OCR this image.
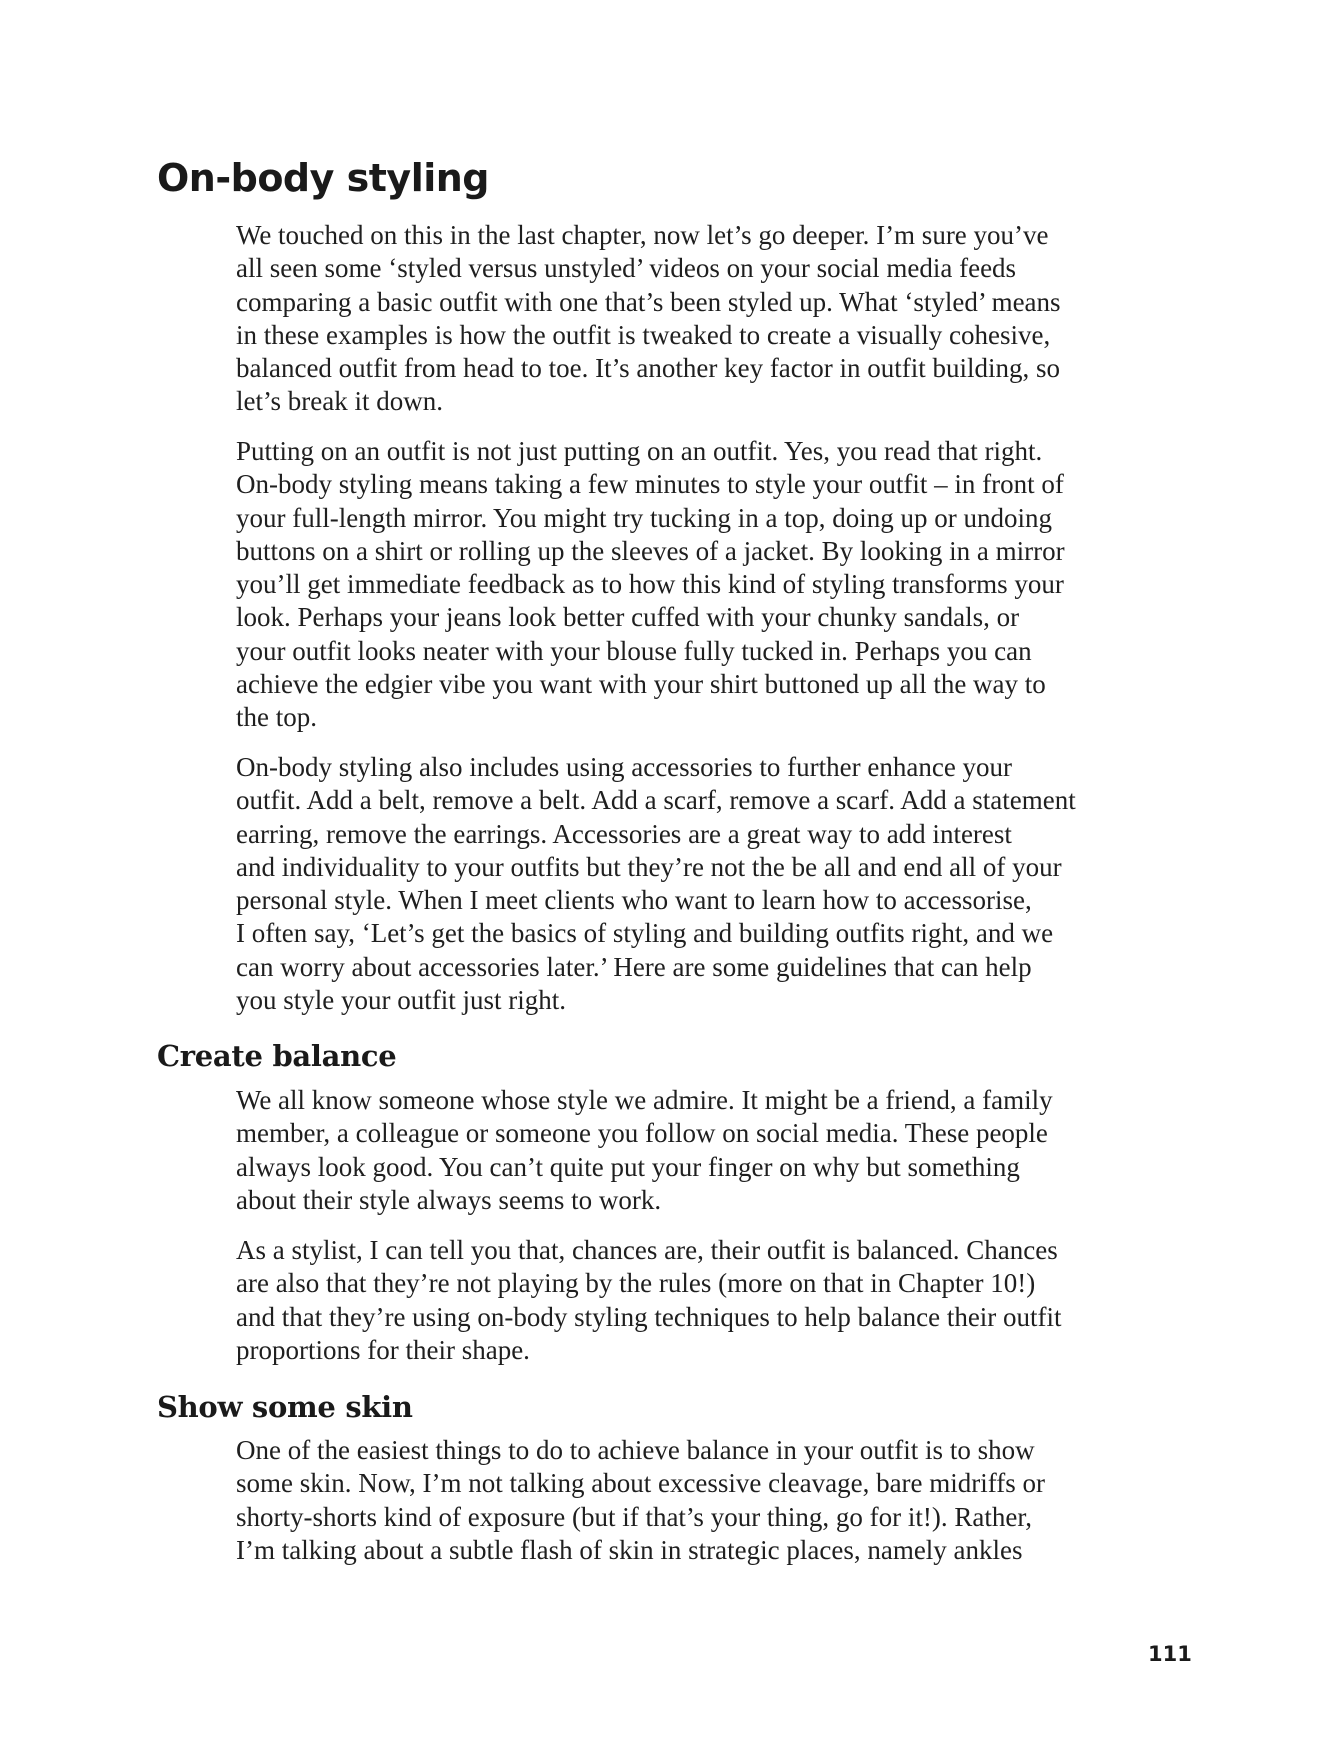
On-body styling

We touched on this in the last chapter, now let’s go deeper. I’m sure you’ve
all seen some ‘styled versus unstyled’ videos on your social media feeds
comparing a basic outfit with one that’s been styled up. What ‘styled’ means
in these examples is how the outfit is tweaked to create a visually cohesive,
balanced outfit from head to toe. It’s another key factor in outfit building, so
let’s break it down.

Putting on an outfit is not just putting on an outfit. Yes, you read that right.
On-body styling means taking a few minutes to style your outfit – in front of
your full-length mirror. You might try tucking in a top, doing up or undoing
buttons on a shirt or rolling up the sleeves of a jacket. By looking in a mirror
you’ll get immediate feedback as to how this kind of styling transforms your
look. Perhaps your jeans look better cuffed with your chunky sandals, or
your outfit looks neater with your blouse fully tucked in. Perhaps you can
achieve the edgier vibe you want with your shirt buttoned up all the way to
the top.

On-body styling also includes using accessories to further enhance your
outfit. Add a belt, remove a belt. Add a scarf, remove a scarf. Add a statement
earring, remove the earrings. Accessories are a great way to add interest
and individuality to your outfits but they’re not the be all and end all of your
personal style. When I meet clients who want to learn how to accessorise,
I often say, ‘Let’s get the basics of styling and building outfits right, and we
can worry about accessories later.’ Here are some guidelines that can help
you style your outfit just right.

Create balance

We all know someone whose style we admire. It might be a friend, a family
member, a colleague or someone you follow on social media. These people
always look good. You can’t quite put your finger on why but something
about their style always seems to work.

As a stylist, I can tell you that, chances are, their outfit is balanced. Chances
are also that they’re not playing by the rules (more on that in Chapter 10!)
and that they’re using on-body styling techniques to help balance their outfit
proportions for their shape.

Show some skin

One of the easiest things to do to achieve balance in your outfit is to show
some skin. Now, I’m not talking about excessive cleavage, bare midriffs or
shorty-shorts kind of exposure (but if that’s your thing, go for it!). Rather,
I’m talking about a subtle flash of skin in strategic places, namely ankles

111
